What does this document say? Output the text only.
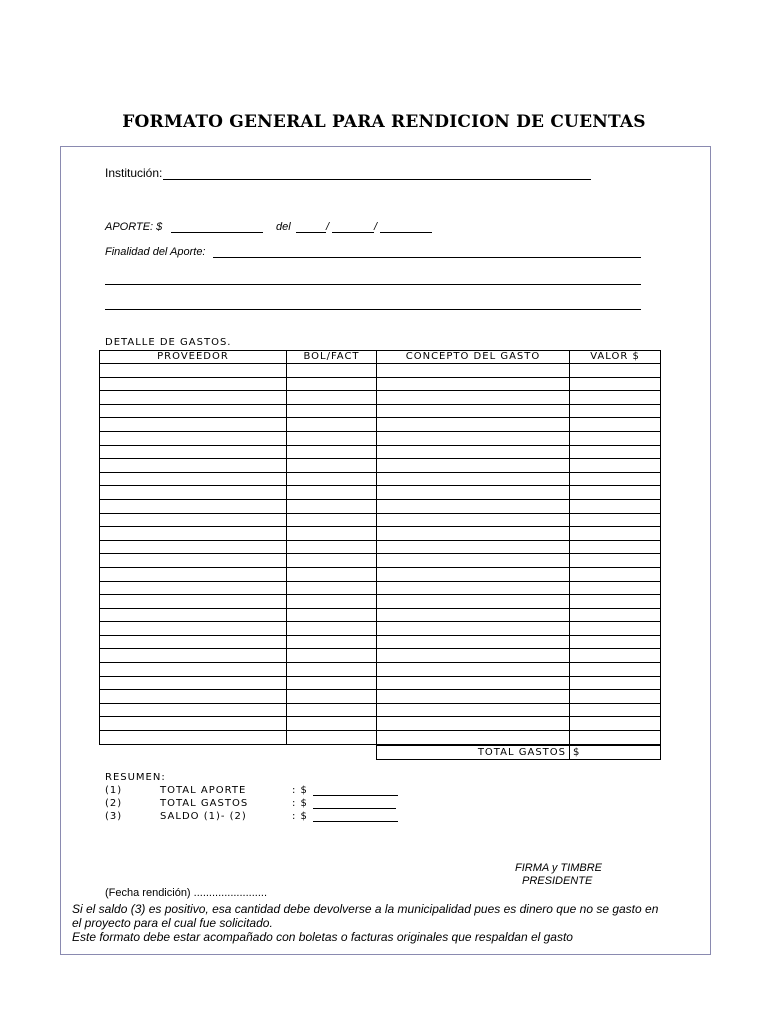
FORMATO GENERAL PARA RENDICION DE CUENTAS
Institución:
APORTE: $	del	/	/
Finalidad del Aporte:
DETALLE DE GASTOS.
PROVEEDOR	BOL/FACT	CONCEPTO DEL GASTO	VALOR $

TOTAL GASTOS	$
RESUMEN:
(1)	TOTAL APORTE	: $
(2)	TOTAL GASTOS	: $
(3)	SALDO (1)- (2)	: $
FIRMA y TIMBRE
PRESIDENTE
(Fecha rendición) ........................
Si el saldo (3) es positivo, esa cantidad debe devolverse a la municipalidad pues es dinero que no se gasto en
el proyecto para el cual fue solicitado.
Este formato debe estar acompañado con boletas o facturas originales que respaldan el gasto
